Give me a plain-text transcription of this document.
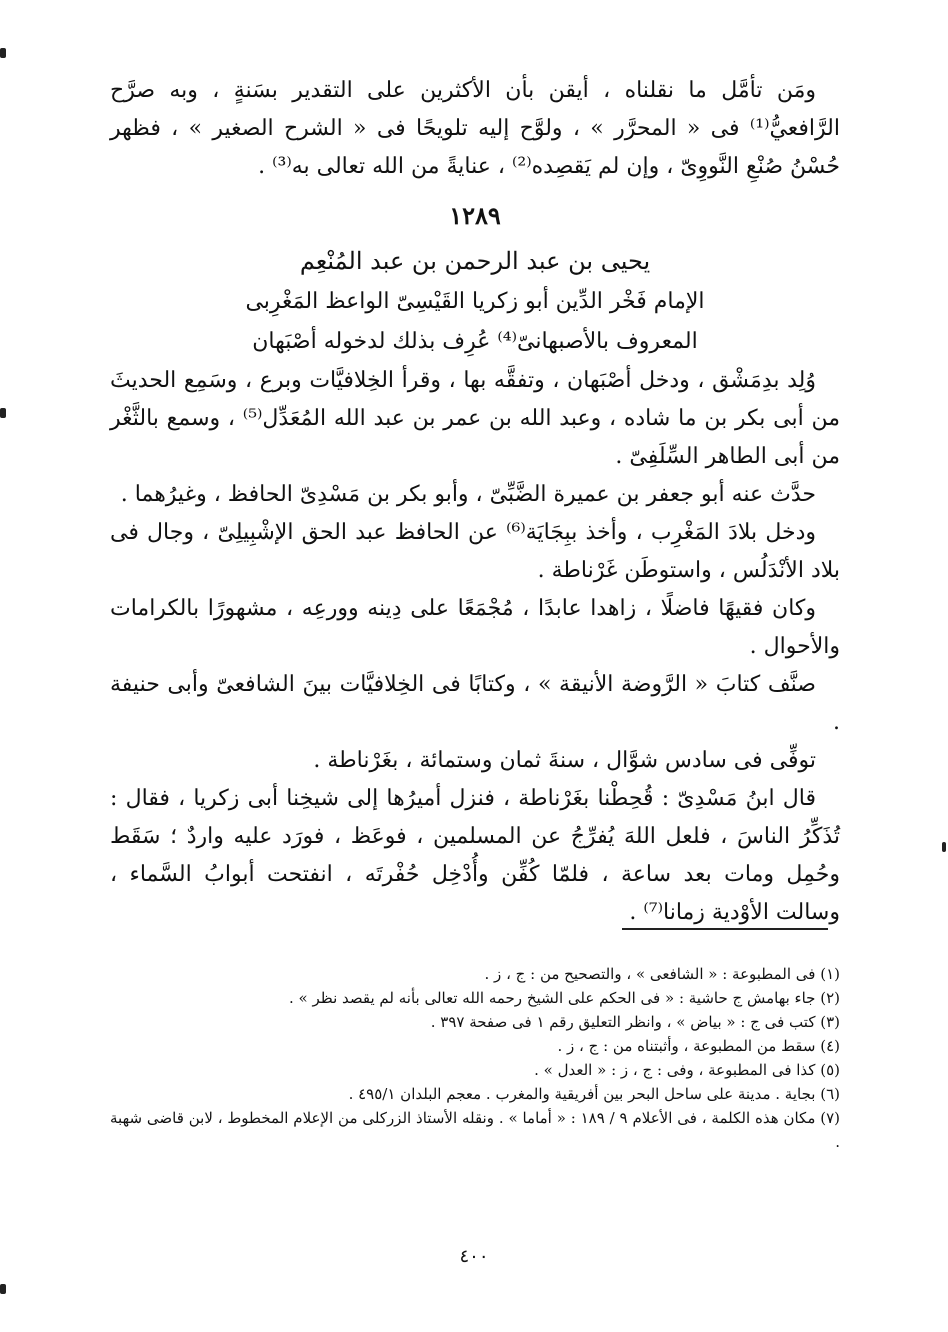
ومَن تأمَّل ما نقلناه ، أيقن بأن الأكثرين على التقدير بسَنةٍ ، وبه صرَّح الرَّافعيُّ⁽¹⁾ فى « المحرَّر » ، ولوَّح إليه تلويحًا فى « الشرح الصغير » ، فظهر حُسْنُ صُنْعِ النَّووِىّ ، وإن لم يَقصِده⁽²⁾ ، عنايةً من الله تعالى به⁽³⁾ .

١٢٨٩

يحيى بن عبد الرحمن بن عبد المُنْعِم

الإمام فَخْر الدِّين أبو زكريا القَيْسِىّ الواعظ المَغْرِبى

المعروف بالأصبهانىّ⁽⁴⁾ عُرِف بذلك لدخوله أصْبَهان

وُلِد بدِمَشْق ، ودخل أصْبَهان ، وتفقَّه بها ، وقرأ الخِلافيَّات وبرع ، وسَمِع الحديثَ من أبى بكر بن ما شاده ، وعبد الله بن عمر بن عبد الله المُعَدِّل⁽⁵⁾ ، وسمع بالثَّغْر من أبى الطاهر السِّلَفِىّ .

حدَّث عنه أبو جعفر بن عميرة الضَّبِّىّ ، وأبو بكر بن مَسْدِىّ الحافظ ، وغيرُهما .

ودخل بلادَ المَغْرِب ، وأخذ ببِجَايَة⁽⁶⁾ عن الحافظ عبد الحق الإشْبِيلِىّ ، وجال فى بلاد الأنْدَلُس ، واستوطَن غَرْناطة .

وكان فقيهًا فاضلًا ، زاهدا عابدًا ، مُجْمَعًا على دِينه وورعِه ، مشهورًا بالكرامات والأحوال .

صنَّف كتابَ « الرَّوضة الأنيقة » ، وكتابًا فى الخِلافيَّات بينَ الشافعىّ وأبى حنيفة .

توفِّى فى سادس شوَّال ، سنةَ ثمان وستمائة ، بغَرْناطة .

قال ابنُ مَسْدِىّ : قُحِطْنا بغَرْناطة ، فنزل أميرُها إلى شيخِنا أبى زكريا ، فقال : تُذَكِّرُ الناسَ ، فلعل اللهَ يُفرِّجُ عن المسلمين ، فوعَظ ، فورَد عليه واردٌ ؛ سَقَط وحُمِل ومات بعد ساعة ، فلمّا كُفِّن وأُدْخِل حُفْرتَه ، انفتحت أبوابُ السَّماء ، وسالت الأوْدية زمانا⁽⁷⁾ .

(١) فى المطبوعة : « الشافعى » ، والتصحيح من : ج ، ز .

(٢) جاء بهامش ج حاشية : « فى الحكم على الشيخ رحمه الله تعالى بأنه لم يقصد نظر » .

(٣) كتب فى ج : « بياض » ، وانظر التعليق رقم ١ فى صفحة ٣٩٧ .

(٤) سقط من المطبوعة ، وأثبتناه من : ج ، ز .

(٥) كذا فى المطبوعة ، وفى : ج ، ز : « العدل » .

(٦) بجاية . مدينة على ساحل البحر بين أفريقية والمغرب . معجم البلدان ٤٩٥/١ .

(٧) مكان هذه الكلمة ، فى الأعلام ٩ / ١٨٩ : « أماما » . ونقله الأستاذ الزركلى من الإعلام المخطوط ، لابن قاضى شهبة .

٤٠٠
